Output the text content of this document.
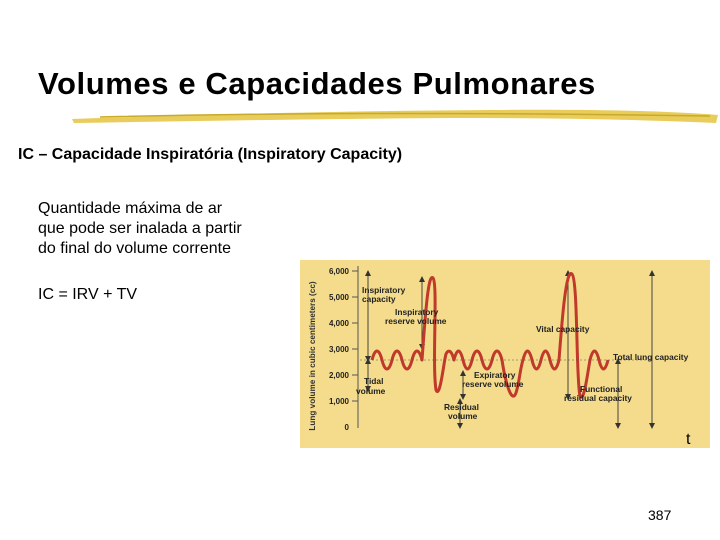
Volumes e Capacidades Pulmonares
IC – Capacidade Inspiratória (Inspiratory Capacity)
Quantidade máxima de ar
que pode ser inalada a partir
do final do volume corrente
IC = IRV + TV	Lung volume in cubic centimeters (cc)
6,000
5,000
4,000
3,000
2,000
1,000
0
Inspiratory
capacity
Inspiratory
reserve volume
Vital capacity
Total lung capacity
Tidal
volume
Expiratory
reserve volume	Functional
residual capacity
Residual
volume
t
387
